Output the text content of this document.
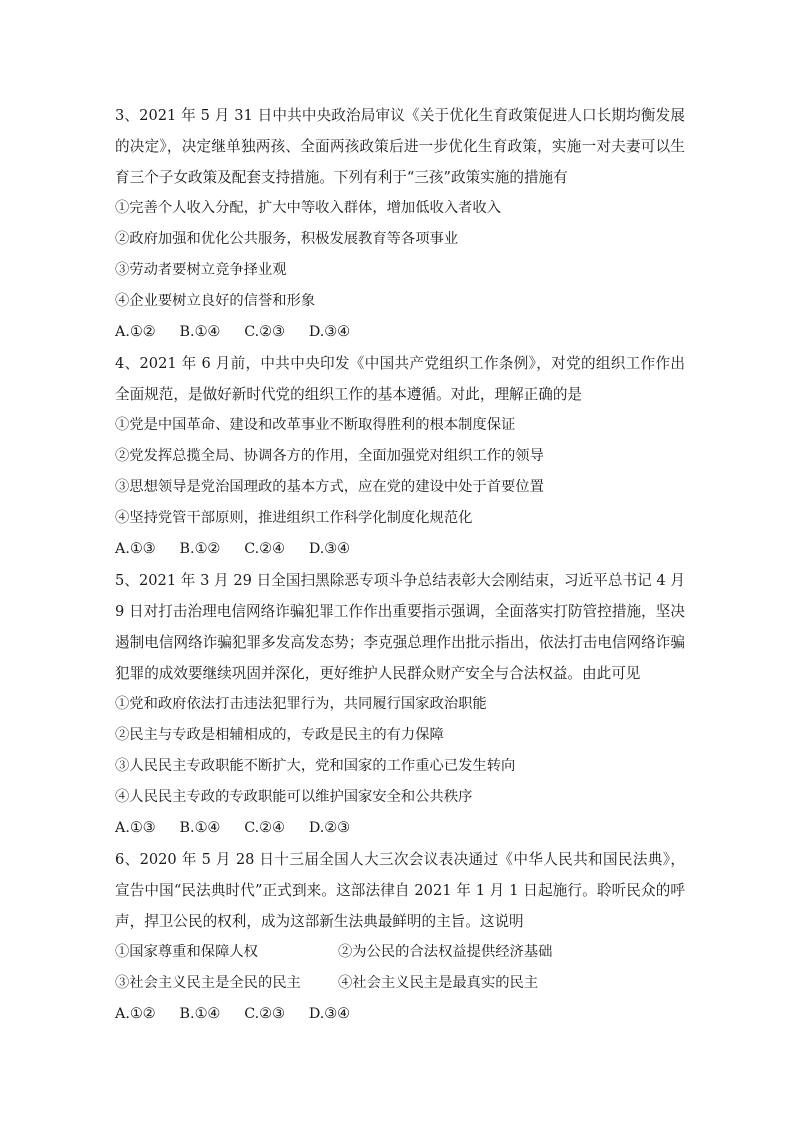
3、2021 年 5 月 31 日中共中央政治局审议《关于优化生育政策促进人口长期均衡发展的决定》，决定继单独两孩、全面两孩政策后进一步优化生育政策，实施一对夫妻可以生育三个子女政策及配套支持措施。下列有利于“三孩”政策实施的措施有

①完善个人收入分配，扩大中等收入群体，增加低收入者收入

②政府加强和优化公共服务，积极发展教育等各项事业

③劳动者要树立竞争择业观

④企业要树立良好的信誉和形象

A.①② B.①④ C.②③ D.③④

4、2021 年 6 月前，中共中央印发《中国共产党组织工作条例》，对党的组织工作作出全面规范，是做好新时代党的组织工作的基本遵循。对此，理解正确的是

①党是中国革命、建设和改革事业不断取得胜利的根本制度保证

②党发挥总揽全局、协调各方的作用，全面加强党对组织工作的领导

③思想领导是党治国理政的基本方式，应在党的建设中处于首要位置

④坚持党管干部原则，推进组织工作科学化制度化规范化

A.①③ B.①② C.②④ D.③④

5、2021 年 3 月 29 日全国扫黑除恶专项斗争总结表彰大会刚结束，习近平总书记 4 月 9 日对打击治理电信网络诈骗犯罪工作作出重要指示强调，全面落实打防管控措施，坚决遏制电信网络诈骗犯罪多发高发态势；李克强总理作出批示指出，依法打击电信网络诈骗犯罪的成效要继续巩固并深化，更好维护人民群众财产安全与合法权益。由此可见

①党和政府依法打击违法犯罪行为，共同履行国家政治职能

②民主与专政是相辅相成的，专政是民主的有力保障

③人民民主专政职能不断扩大，党和国家的工作重心已发生转向

④人民民主专政的专政职能可以维护国家安全和公共秩序

A.①③ B.①④ C.②④ D.②③

6、2020 年 5 月 28 日十三届全国人大三次会议表决通过《中华人民共和国民法典》，宣告中国“民法典时代”正式到来。这部法律自 2021 年 1 月 1 日起施行。聆听民众的呼声，捍卫公民的权利，成为这部新生法典最鲜明的主旨。这说明

①国家尊重和保障人权	②为公民的合法权益提供经济基础

③社会主义民主是全民的民主	④社会主义民主是最真实的民主

A.①② B.①④ C.②③ D.③④
